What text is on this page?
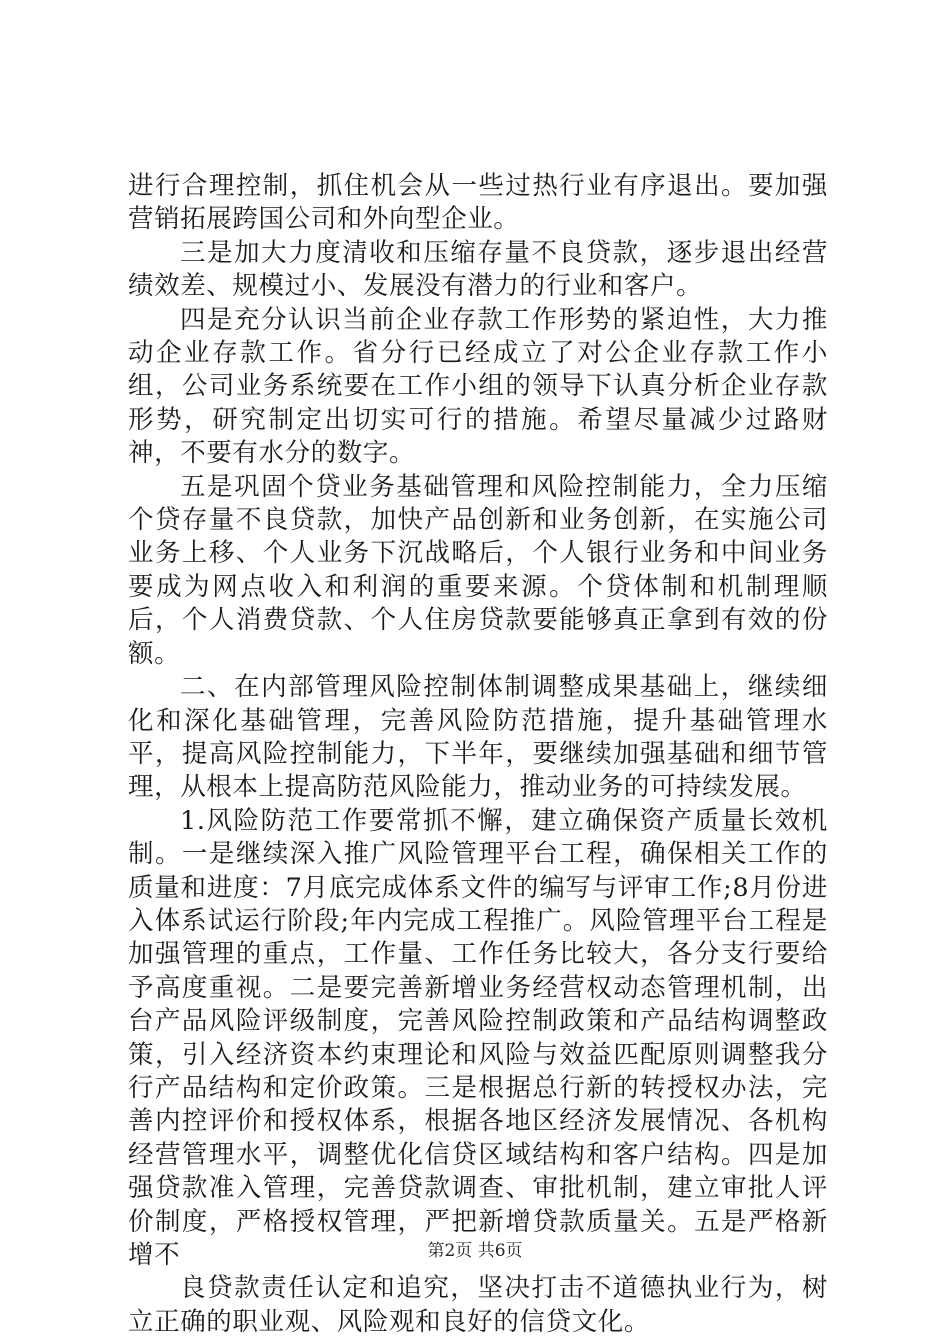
进行合理控制，抓住机会从一些过热行业有序退出。要加强营销拓展跨国公司和外向型企业。

三是加大力度清收和压缩存量不良贷款，逐步退出经营绩效差、规模过小、发展没有潜力的行业和客户。

四是充分认识当前企业存款工作形势的紧迫性，大力推动企业存款工作。省分行已经成立了对公企业存款工作小组，公司业务系统要在工作小组的领导下认真分析企业存款形势，研究制定出切实可行的措施。希望尽量减少过路财神，不要有水分的数字。

五是巩固个贷业务基础管理和风险控制能力，全力压缩个贷存量不良贷款，加快产品创新和业务创新，在实施公司业务上移、个人业务下沉战略后，个人银行业务和中间业务要成为网点收入和利润的重要来源。个贷体制和机制理顺后，个人消费贷款、个人住房贷款要能够真正拿到有效的份额。

二、在内部管理风险控制体制调整成果基础上，继续细化和深化基础管理，完善风险防范措施，提升基础管理水平，提高风险控制能力，下半年，要继续加强基础和细节管理，从根本上提高防范风险能力，推动业务的可持续发展。

1.风险防范工作要常抓不懈，建立确保资产质量长效机制。一是继续深入推广风险管理平台工程，确保相关工作的质量和进度：7月底完成体系文件的编写与评审工作;8月份进入体系试运行阶段;年内完成工程推广。风险管理平台工程是加强管理的重点，工作量、工作任务比较大，各分支行要给予高度重视。二是要完善新增业务经营权动态管理机制，出台产品风险评级制度，完善风险控制政策和产品结构调整政策，引入经济资本约束理论和风险与效益匹配原则调整我分行产品结构和定价政策。三是根据总行新的转授权办法，完善内控评价和授权体系，根据各地区经济发展情况、各机构经营管理水平，调整优化信贷区域结构和客户结构。四是加强贷款准入管理，完善贷款调查、审批机制，建立审批人评价制度，严格授权管理，严把新增贷款质量关。五是严格新增不

良贷款责任认定和追究，坚决打击不道德执业行为，树立正确的职业观、风险观和良好的信贷文化。

第2页 共6页
